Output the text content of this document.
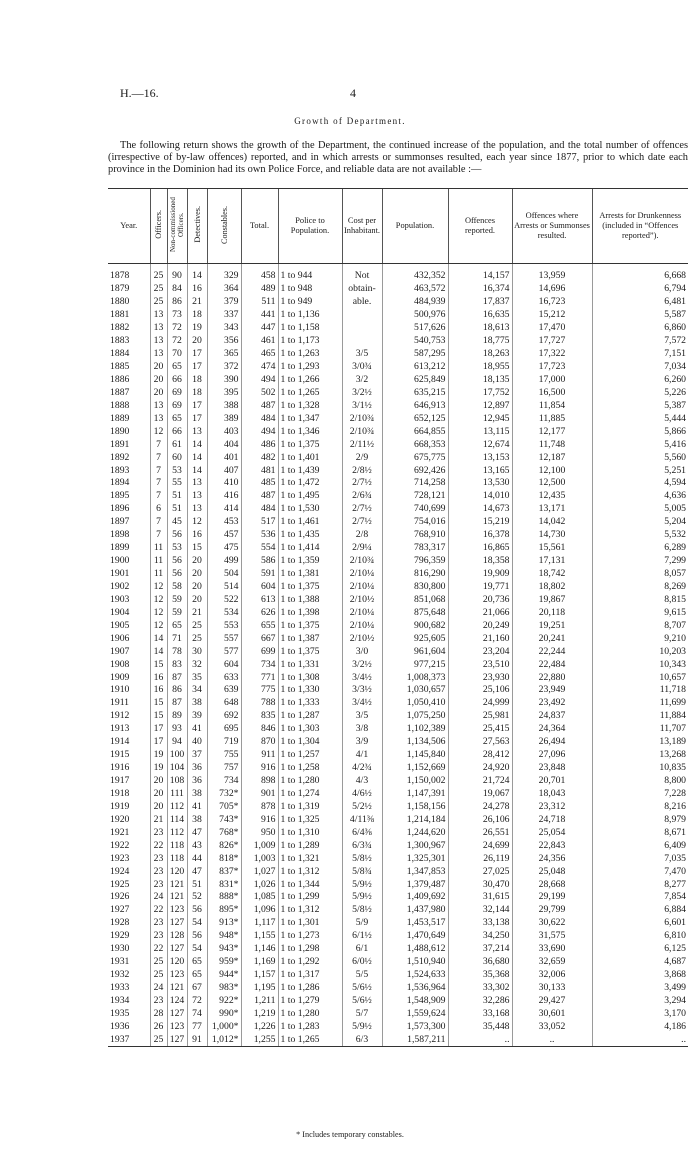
H.—16.	4
Growth of Department.

The following return shows the growth of the Department, the continued increase of the population, and the total number of offences (irrespective of by-law offences) reported, and in which arrests or summonses resulted, each year since 1877, prior to which date each province in the Dominion had its own Police Force, and reliable data are not available :—

Year.	Officers.	Non-commissioned Officers.	Detectives.	Constables.	Total.	Police to Population.	Cost per Inhabitant.	Population.	Offences reported.	Offences where Arrests or Summonses resulted.	Arrests for Drunkenness (included in “Offences reported”).

1878	25	90	14	329	458	1 to 944	Not	432,352	14,157	13,959	6,668
1879	25	84	16	364	489	1 to 948	obtain-	463,572	16,374	14,696	6,794
1880	25	86	21	379	511	1 to 949	able.	484,939	17,837	16,723	6,481
1881	13	73	18	337	441	1 to 1,136		500,976	16,635	15,212	5,587
1882	13	72	19	343	447	1 to 1,158		517,626	18,613	17,470	6,860
1883	13	72	20	356	461	1 to 1,173		540,753	18,775	17,727	7,572
1884	13	70	17	365	465	1 to 1,263	3/5	587,295	18,263	17,322	7,151
1885	20	65	17	372	474	1 to 1,293	3/0¾	613,212	18,955	17,723	7,034
1886	20	66	18	390	494	1 to 1,266	3/2	625,849	18,135	17,000	6,260
1887	20	69	18	395	502	1 to 1,265	3/2½	635,215	17,752	16,500	5,226
1888	13	69	17	388	487	1 to 1,328	3/1½	646,913	12,897	11,854	5,387
1889	13	65	17	389	484	1 to 1,347	2/10¾	652,125	12,945	11,885	5,444
1890	12	66	13	403	494	1 to 1,346	2/10¾	664,855	13,115	12,177	5,866
1891	7	61	14	404	486	1 to 1,375	2/11½	668,353	12,674	11,748	5,416
1892	7	60	14	401	482	1 to 1,401	2/9	675,775	13,153	12,187	5,560
1893	7	53	14	407	481	1 to 1,439	2/8½	692,426	13,165	12,100	5,251
1894	7	55	13	410	485	1 to 1,472	2/7½	714,258	13,530	12,500	4,594
1895	7	51	13	416	487	1 to 1,495	2/6¾	728,121	14,010	12,435	4,636
1896	6	51	13	414	484	1 to 1,530	2/7½	740,699	14,673	13,171	5,005
1897	7	45	12	453	517	1 to 1,461	2/7½	754,016	15,219	14,042	5,204
1898	7	56	16	457	536	1 to 1,435	2/8	768,910	16,378	14,730	5,532
1899	11	53	15	475	554	1 to 1,414	2/9¼	783,317	16,865	15,561	6,289
1900	11	56	20	499	586	1 to 1,359	2/10¾	796,359	18,358	17,131	7,299
1901	11	56	20	504	591	1 to 1,381	2/10¼	816,290	19,909	18,742	8,057
1902	12	58	20	514	604	1 to 1,375	2/10¼	830,800	19,771	18,802	8,269
1903	12	59	20	522	613	1 to 1,388	2/10½	851,068	20,736	19,867	8,815
1904	12	59	21	534	626	1 to 1,398	2/10¼	875,648	21,066	20,118	9,615
1905	12	65	25	553	655	1 to 1,375	2/10¼	900,682	20,249	19,251	8,707
1906	14	71	25	557	667	1 to 1,387	2/10½	925,605	21,160	20,241	9,210
1907	14	78	30	577	699	1 to 1,375	3/0	961,604	23,204	22,244	10,203
1908	15	83	32	604	734	1 to 1,331	3/2½	977,215	23,510	22,484	10,343
1909	16	87	35	633	771	1 to 1,308	3/4½	1,008,373	23,930	22,880	10,657
1910	16	86	34	639	775	1 to 1,330	3/3½	1,030,657	25,106	23,949	11,718
1911	15	87	38	648	788	1 to 1,333	3/4½	1,050,410	24,999	23,492	11,699
1912	15	89	39	692	835	1 to 1,287	3/5	1,075,250	25,981	24,837	11,884
1913	17	93	41	695	846	1 to 1,303	3/8	1,102,389	25,415	24,364	11,707
1914	17	94	40	719	870	1 to 1,304	3/9	1,134,506	27,563	26,494	13,189
1915	19	100	37	755	911	1 to 1,257	4/1	1,145,840	28,412	27,096	13,268
1916	19	104	36	757	916	1 to 1,258	4/2¾	1,152,669	24,920	23,848	10,835
1917	20	108	36	734	898	1 to 1,280	4/3	1,150,002	21,724	20,701	8,800
1918	20	111	38	732*	901	1 to 1,274	4/6½	1,147,391	19,067	18,043	7,228
1919	20	112	41	705*	878	1 to 1,319	5/2½	1,158,156	24,278	23,312	8,216
1920	21	114	38	743*	916	1 to 1,325	4/11⅜	1,214,184	26,106	24,718	8,979
1921	23	112	47	768*	950	1 to 1,310	6/4⅜	1,244,620	26,551	25,054	8,671
1922	22	118	43	826*	1,009	1 to 1,289	6/3¾	1,300,967	24,699	22,843	6,409
1923	23	118	44	818*	1,003	1 to 1,321	5/8½	1,325,301	26,119	24,356	7,035
1924	23	120	47	837*	1,027	1 to 1,312	5/8¾	1,347,853	27,025	25,048	7,470
1925	23	121	51	831*	1,026	1 to 1,344	5/9½	1,379,487	30,470	28,668	8,277
1926	24	121	52	888*	1,085	1 to 1,299	5/9½	1,409,692	31,615	29,199	7,854
1927	22	123	56	895*	1,096	1 to 1,312	5/8½	1,437,980	32,144	29,799	6,884
1928	23	127	54	913*	1,117	1 to 1,301	5/9	1,453,517	33,138	30,622	6,601
1929	23	128	56	948*	1,155	1 to 1,273	6/1½	1,470,649	34,250	31,575	6,810
1930	22	127	54	943*	1,146	1 to 1,298	6/1	1,488,612	37,214	33,690	6,125
1931	25	120	65	959*	1,169	1 to 1,292	6/0½	1,510,940	36,680	32,659	4,687
1932	25	123	65	944*	1,157	1 to 1,317	5/5	1,524,633	35,368	32,006	3,868
1933	24	121	67	983*	1,195	1 to 1,286	5/6½	1,536,964	33,302	30,133	3,499
1934	23	124	72	922*	1,211	1 to 1,279	5/6½	1,548,909	32,286	29,427	3,294
1935	28	127	74	990*	1,219	1 to 1,280	5/7	1,559,624	33,168	30,601	3,170
1936	26	123	77	1,000*	1,226	1 to 1,283	5/9½	1,573,300	35,448	33,052	4,186
1937	25	127	91	1,012*	1,255	1 to 1,265	6/3	1,587,211	..	..	..
* Includes temporary constables.
